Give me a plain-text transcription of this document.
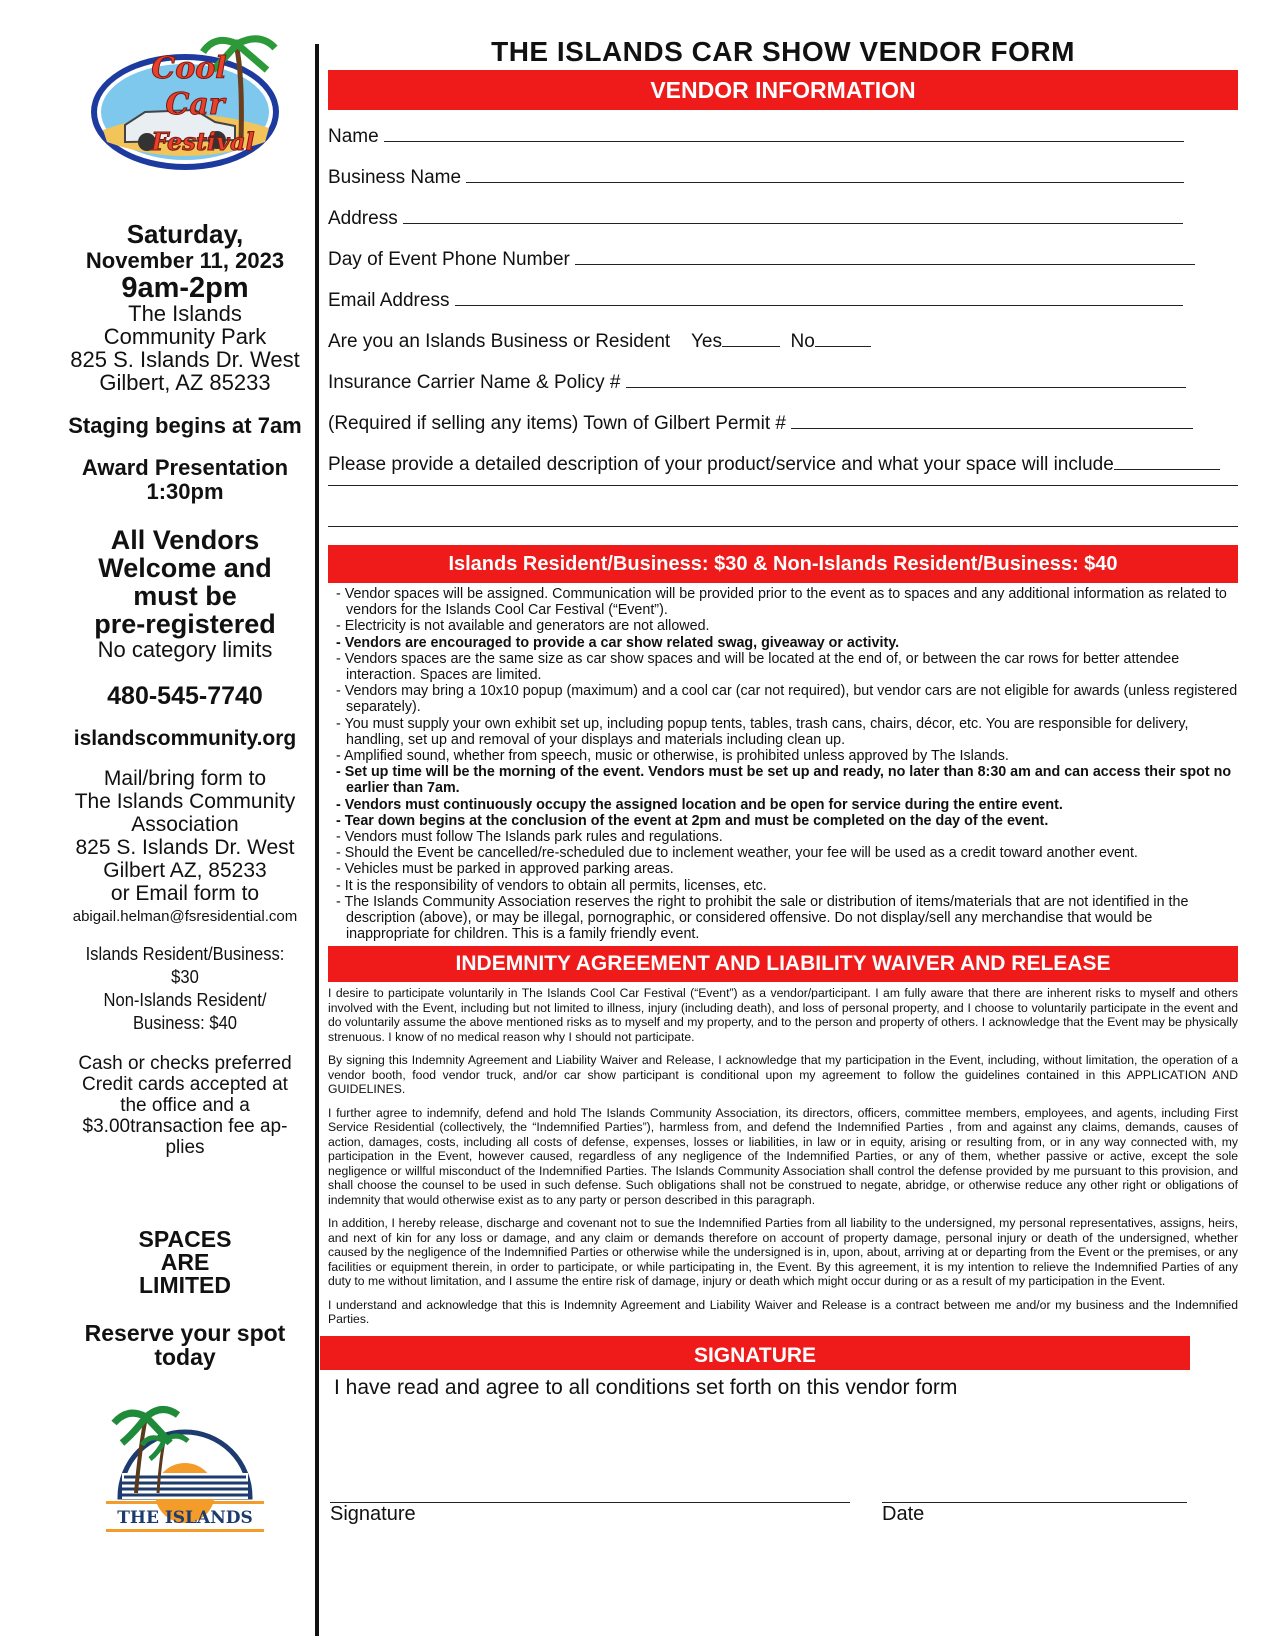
Cool
Car
Festival
Saturday,
November 11, 2023
9am-2pm
The Islands
Community Park
825 S. Islands Dr. West
Gilbert, AZ 85233
Staging begins at 7am
Award Presentation 1:30pm
All Vendors
Welcome and
must be
pre-registered
No category limits
480-545-7740
islandscommunity.org
Mail/bring form to
The Islands Community
Association
825 S. Islands Dr. West
Gilbert AZ, 85233
or Email form to
abigail.helman@fsresidential.com
Islands Resident/Business:
$30
Non-Islands Resident/
Business: $40
Cash or checks preferred
Credit cards accepted at
the office and a
$3.00transaction fee ap-
plies
SPACES
ARE
LIMITED
Reserve your spot
today
THE ISLANDS
THE ISLANDS CAR SHOW VENDOR FORM
VENDOR INFORMATION
Name
Business Name
Address
Day of Event Phone Number
Email Address
Are you an Islands Business or Resident Yes	No
Insurance Carrier Name & Policy #
(Required if selling any items) Town of Gilbert Permit #
Please provide a detailed description of your product/service and what your space will include
Islands Resident/Business: $30 & Non-Islands Resident/Business: $40
- Vendor spaces will be assigned. Communication will be provided prior to the event as to spaces and any additional information as related to vendors for the Islands Cool Car Festival (“Event”).
- Electricity is not available and generators are not allowed.
- Vendors are encouraged to provide a car show related swag, giveaway or activity.
- Vendors spaces are the same size as car show spaces and will be located at the end of, or between the car rows for better attendee interaction. Spaces are limited.
- Vendors may bring a 10x10 popup (maximum) and a cool car (car not required), but vendor cars are not eligible for awards (unless registered separately).
- You must supply your own exhibit set up, including popup tents, tables, trash cans, chairs, décor, etc. You are responsible for delivery, handling, set up and removal of your displays and materials including clean up.
- Amplified sound, whether from speech, music or otherwise, is prohibited unless approved by The Islands.
- Set up time will be the morning of the event. Vendors must be set up and ready, no later than 8:30 am and can access their spot no earlier than 7am.
- Vendors must continuously occupy the assigned location and be open for service during the entire event.
- Tear down begins at the conclusion of the event at 2pm and must be completed on the day of the event.
- Vendors must follow The Islands park rules and regulations.
- Should the Event be cancelled/re-scheduled due to inclement weather, your fee will be used as a credit toward another event.
- Vehicles must be parked in approved parking areas.
- It is the responsibility of vendors to obtain all permits, licenses, etc.
- The Islands Community Association reserves the right to prohibit the sale or distribution of items/materials that are not identified in the description (above), or may be illegal, pornographic, or considered offensive. Do not display/sell any merchandise that would be inappropriate for children. This is a family friendly event.
INDEMNITY AGREEMENT AND LIABILITY WAIVER AND RELEASE

I desire to participate voluntarily in The Islands Cool Car Festival (“Event”) as a vendor/participant. I am fully aware that there are inherent risks to myself and others involved with the Event, including but not limited to illness, injury (including death), and loss of personal property, and I choose to voluntarily participate in the event and do voluntarily assume the above mentioned risks as to myself and my property, and to the person and property of others. I acknowledge that the Event may be physically strenuous. I know of no medical reason why I should not participate.

By signing this Indemnity Agreement and Liability Waiver and Release, I acknowledge that my participation in the Event, including, without limitation, the operation of a vendor booth, food vendor truck, and/or car show participant is conditional upon my agreement to follow the guidelines contained in this APPLICATION AND GUIDELINES.

I further agree to indemnify, defend and hold The Islands Community Association, its directors, officers, committee members, employees, and agents, including First Service Residential (collectively, the “Indemnified Parties”), harmless from, and defend the Indemnified Parties , from and against any claims, demands, causes of action, damages, costs, including all costs of defense, expenses, losses or liabilities, in law or in equity, arising or resulting from, or in any way connected with, my participation in the Event, however caused, regardless of any negligence of the Indemnified Parties, or any of them, whether passive or active, except the sole negligence or willful misconduct of the Indemnified Parties. The Islands Community Association shall control the defense provided by me pursuant to this provision, and shall choose the counsel to be used in such defense. Such obligations shall not be construed to negate, abridge, or otherwise reduce any other right or obligations of indemnity that would otherwise exist as to any party or person described in this paragraph.

In addition, I hereby release, discharge and covenant not to sue the Indemnified Parties from all liability to the undersigned, my personal representatives, assigns, heirs, and next of kin for any loss or damage, and any claim or demands therefore on account of property damage, personal injury or death of the undersigned, whether caused by the negligence of the Indemnified Parties or otherwise while the undersigned is in, upon, about, arriving at or departing from the Event or the premises, or any facilities or equipment therein, in order to participate, or while participating in, the Event. By this agreement, it is my intention to relieve the Indemnified Parties of any duty to me without limitation, and I assume the entire risk of damage, injury or death which might occur during or as a result of my participation in the Event.

I understand and acknowledge that this is Indemnity Agreement and Liability Waiver and Release is a contract between me and/or my business and the Indemnified Parties.

SIGNATURE
I have read and agree to all conditions set forth on this vendor form
Signature	Date
